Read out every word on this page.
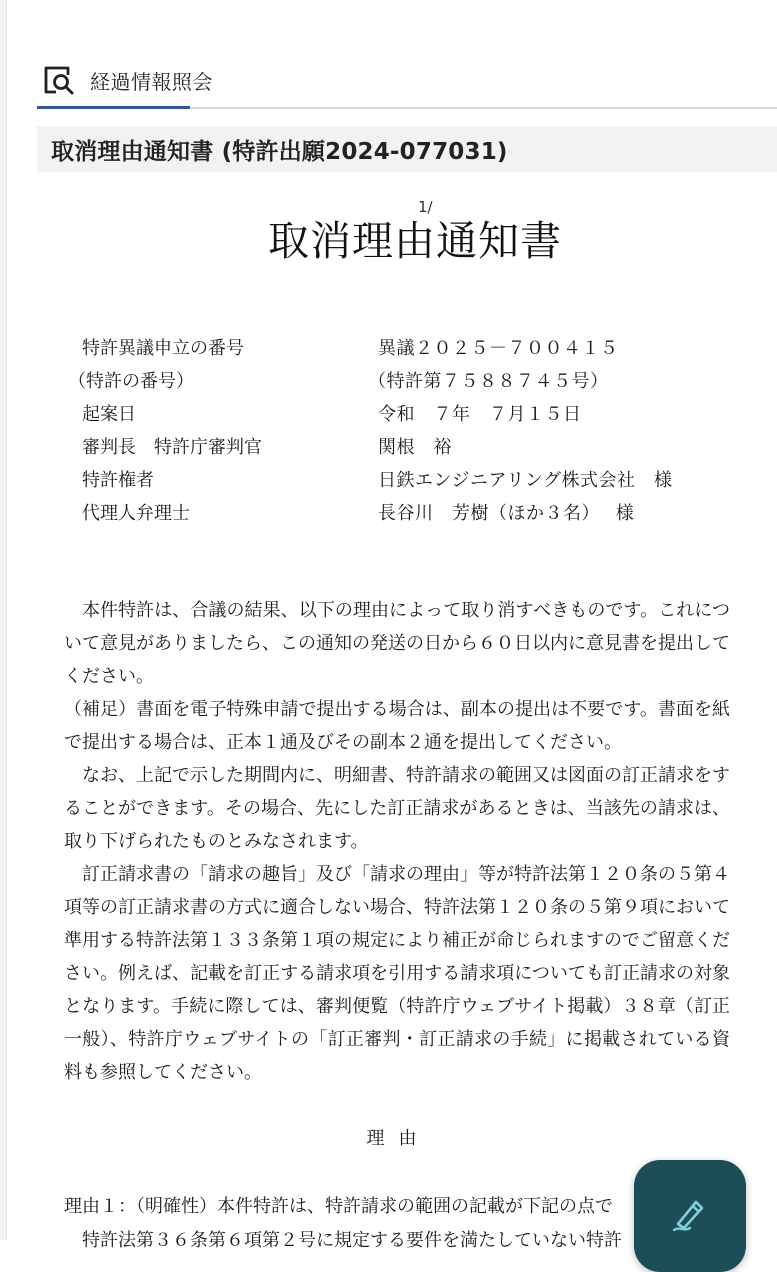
経過情報照会
取消理由通知書 (特許出願2024-077031)
1/
取消理由通知書
特許異議申立の番号	異議２０２５－７００４１５
（特許の番号）	（特許第７５８８７４５号）
起案日	令和　７年　７月１５日
審判長　特許庁審判官	関根　裕
特許権者	日鉄エンジニアリング株式会社　様
代理人弁理士	長谷川　芳樹（ほか３名）　 様

本件特許は、合議の結果、以下の理由によって取り消すべきものです。これについて意見がありましたら、この通知の発送の日から６０日以内に意見書を提出してください。

（補足）書面を電子特殊申請で提出する場合は、副本の提出は不要です。書面を紙で提出する場合は、正本１通及びその副本２通を提出してください。

なお、上記で示した期間内に、明細書、特許請求の範囲又は図面の訂正請求をすることができます。その場合、先にした訂正請求があるときは、当該先の請求は、取り下げられたものとみなされます。

訂正請求書の「請求の趣旨」及び「請求の理由」等が特許法第１２０条の５第４項等の訂正請求書の方式に適合しない場合、特許法第１２０条の５第９項において準用する特許法第１３３条第１項の規定により補正が命じられますのでご留意ください。例えば、記載を訂正する請求項を引用する請求項についても訂正請求の対象となります。手続に際しては、審判便覧（特許庁ウェブサイト掲載）３８章（訂正一般）、特許庁ウェブサイトの「訂正審判・訂正請求の手続」に掲載されている資料も参照してください。

理由
理由１：（明確性）本件特許は、特許請求の範囲の記載が下記の点で
　特許法第３６条第６項第２号に規定する要件を満たしていない特許
